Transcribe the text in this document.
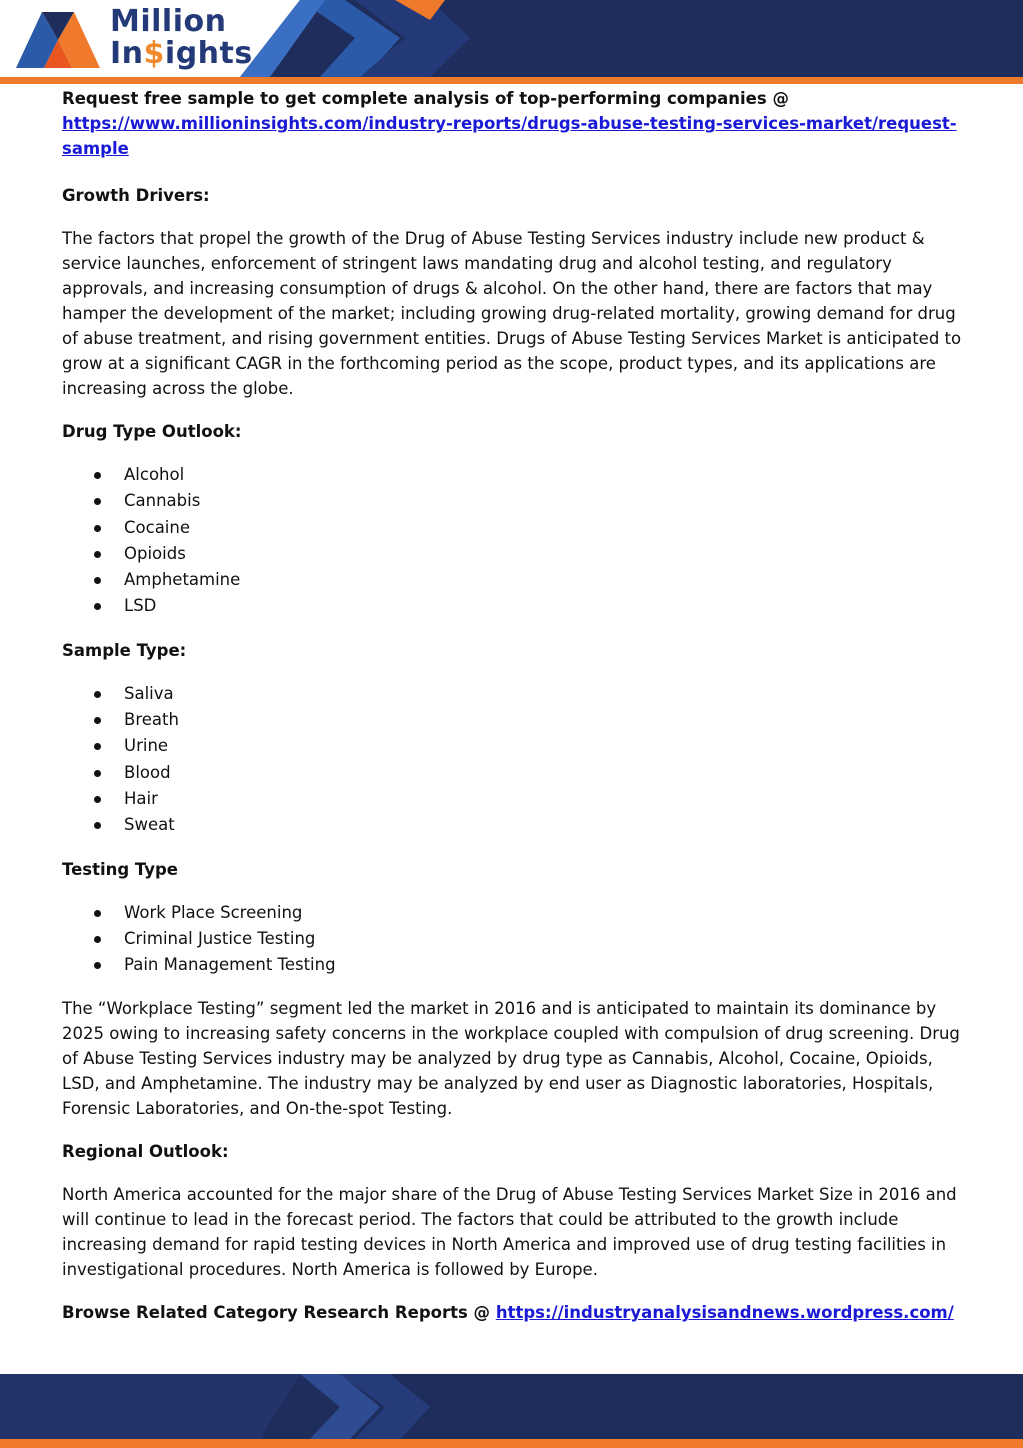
Million
In$ights

Request free sample to get complete analysis of top-performing companies @
https://www.millioninsights.com/industry-reports/drugs-abuse-testing-services-market/request-sample

Growth Drivers:

The factors that propel the growth of the Drug of Abuse Testing Services industry include new product & service launches, enforcement of stringent laws mandating drug and alcohol testing, and regulatory approvals, and increasing consumption of drugs & alcohol. On the other hand, there are factors that may hamper the development of the market; including growing drug-related mortality, growing demand for drug of abuse treatment, and rising government entities. Drugs of Abuse Testing Services Market is anticipated to grow at a significant CAGR in the forthcoming period as the scope, product types, and its applications are increasing across the globe.

Drug Type Outlook:
Alcohol
Cannabis
Cocaine
Opioids
Amphetamine
LSD
Sample Type:
Saliva
Breath
Urine
Blood
Hair
Sweat
Testing Type
Work Place Screening
Criminal Justice Testing
Pain Management Testing

The “Workplace Testing” segment led the market in 2016 and is anticipated to maintain its dominance by 2025 owing to increasing safety concerns in the workplace coupled with compulsion of drug screening. Drug of Abuse Testing Services industry may be analyzed by drug type as Cannabis, Alcohol, Cocaine, Opioids, LSD, and Amphetamine. The industry may be analyzed by end user as Diagnostic laboratories, Hospitals, Forensic Laboratories, and On-the-spot Testing.

Regional Outlook:

North America accounted for the major share of the Drug of Abuse Testing Services Market Size in 2016 and will continue to lead in the forecast period. The factors that could be attributed to the growth include increasing demand for rapid testing devices in North America and improved use of drug testing facilities in investigational procedures. North America is followed by Europe.

Browse Related Category Research Reports @ https://industryanalysisandnews.wordpress.com/
